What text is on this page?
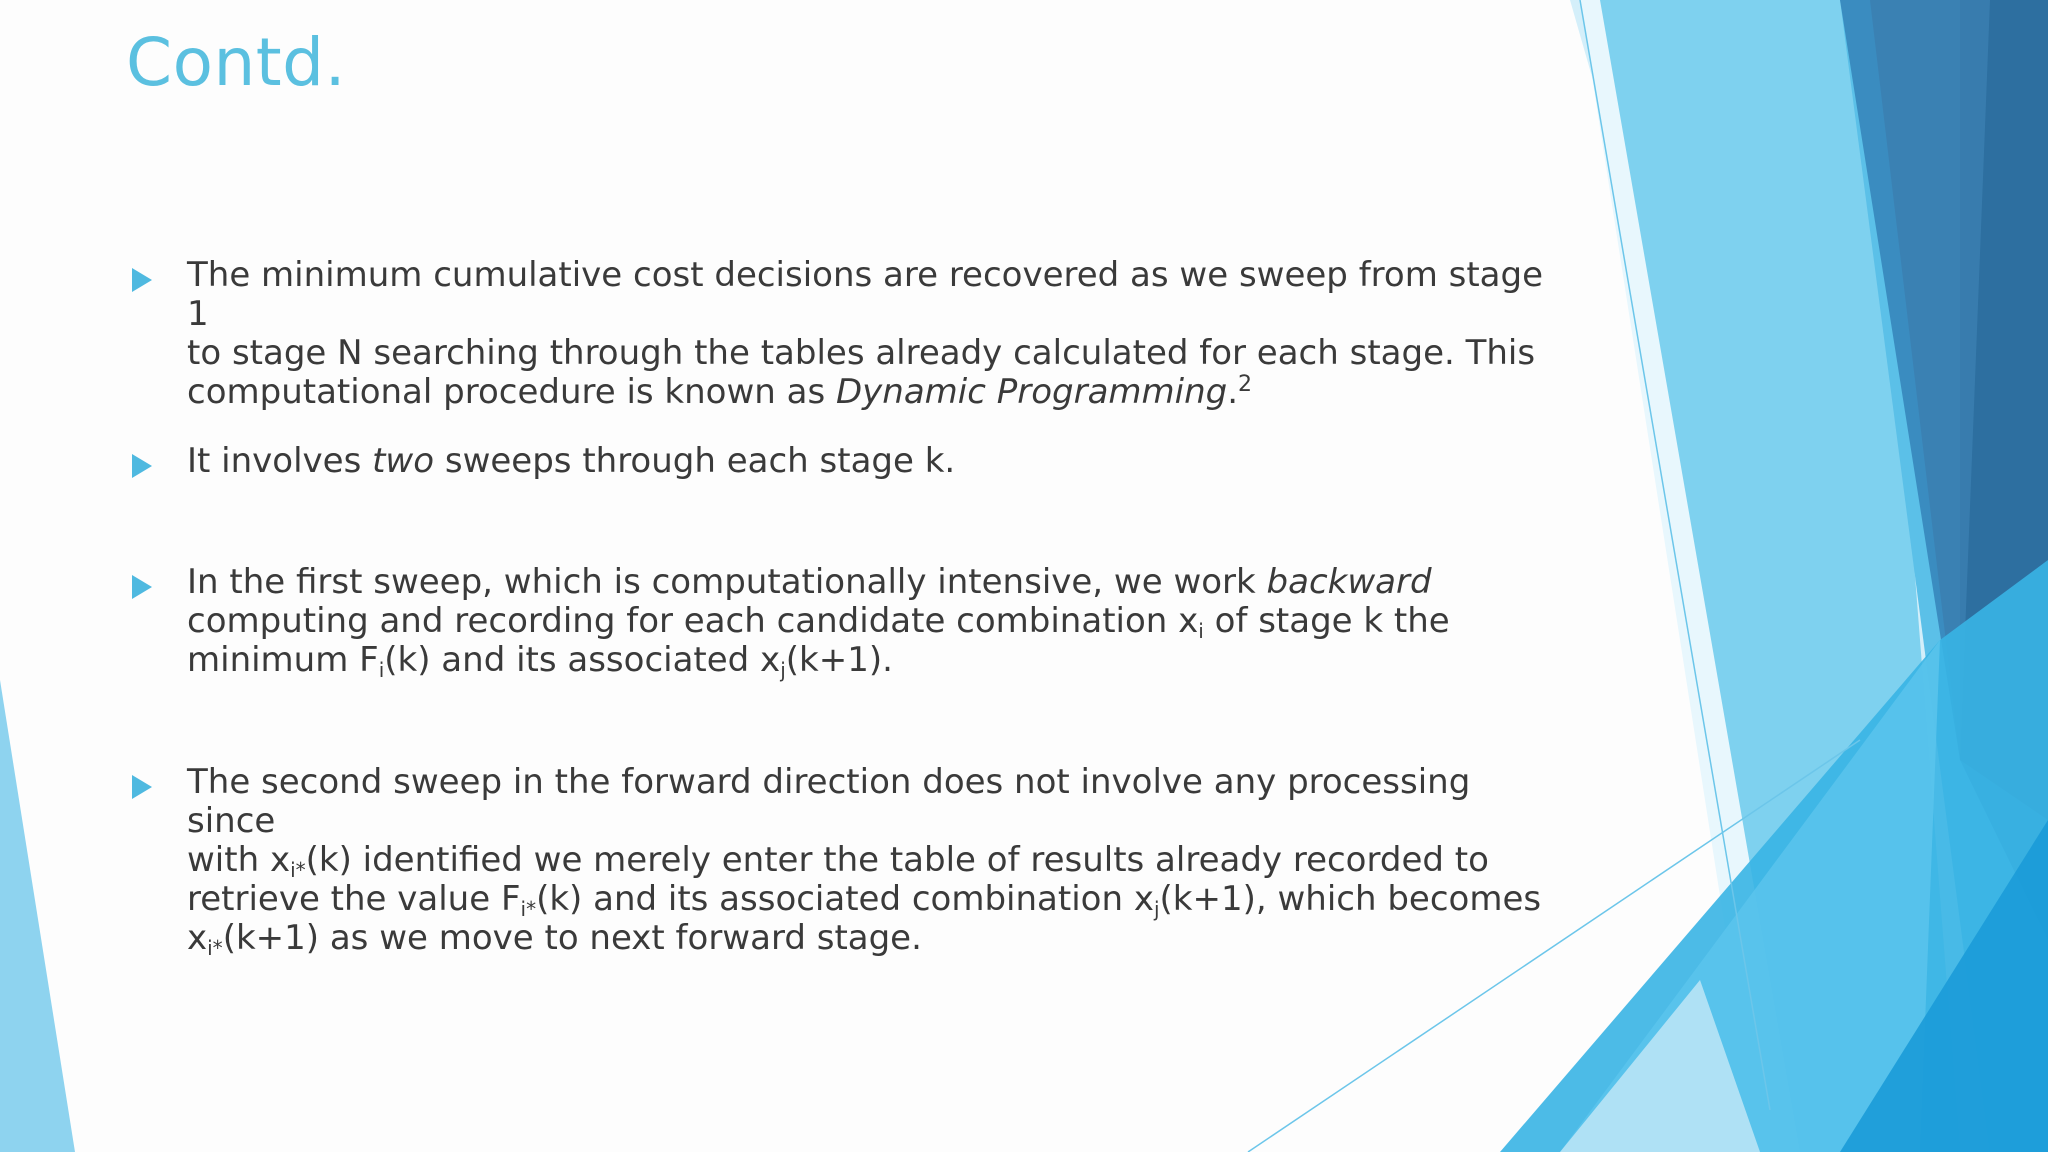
Contd.
The minimum cumulative cost decisions are recovered as we sweep from stage 1
to stage N searching through the tables already calculated for each stage. This
computational procedure is known as Dynamic Programming.$^2$
It involves two sweeps through each stage k.
In the first sweep, which is computationally intensive, we work backward
computing and recording for each candidate combination $x_i$ of stage k the
minimum $F_i(k)$ and its associated $x_j(k+1)$.
The second sweep in the forward direction does not involve any processing since
with $x_{i*}(k)$ identified we merely enter the table of results already recorded to
retrieve the value $F_{i*}(k)$ and its associated combination $x_j(k+1)$, which becomes
$x_{i*}(k+1)$ as we move to next forward stage.
